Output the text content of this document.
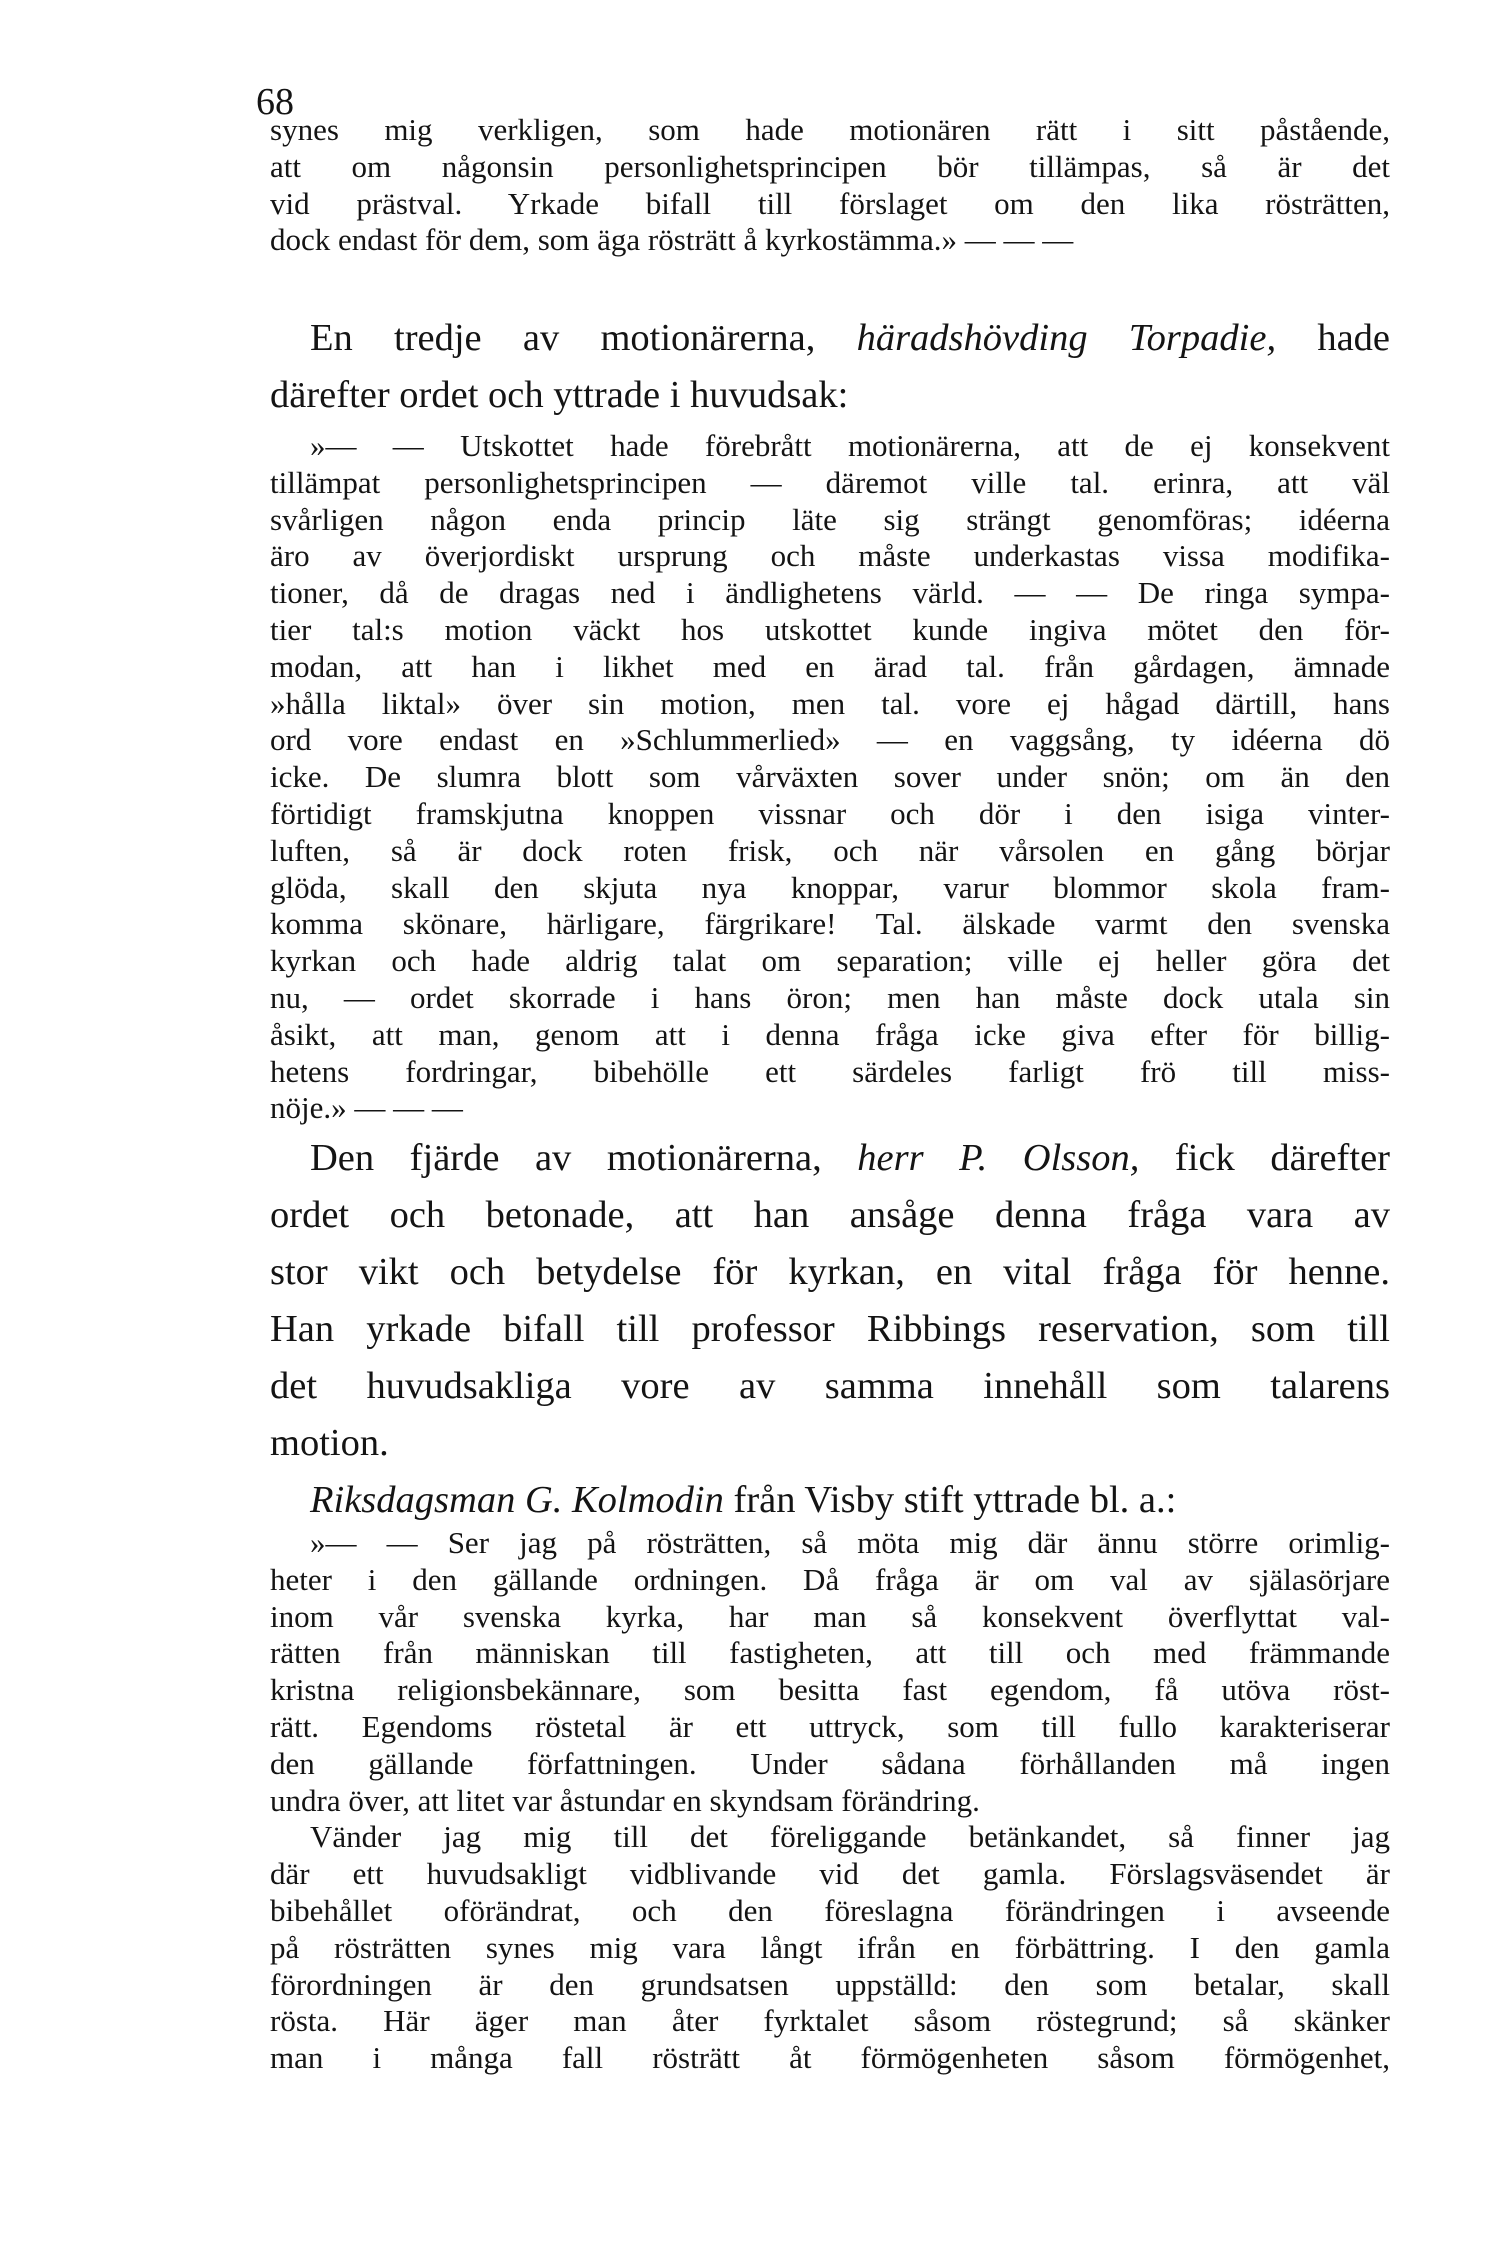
68
synes mig verkligen, som hade motionären rätt i sitt påstående,
att om någonsin personlighetsprincipen bör tillämpas, så är det
vid prästval. Yrkade bifall till förslaget om den lika rösträtten,
dock endast för dem, som äga rösträtt å kyrkostämma.» — — —
En tredje av motionärerna, häradshövding Torpadie, hade
därefter ordet och yttrade i huvudsak:
»— — Utskottet hade förebrått motionärerna, att de ej konsekvent
tillämpat personlighetsprincipen — däremot ville tal. erinra, att väl
svårligen någon enda princip läte sig strängt genomföras; idéerna
äro av överjordiskt ursprung och måste underkastas vissa modifika-
tioner, då de dragas ned i ändlighetens värld. — — De ringa sympa-
tier tal:s motion väckt hos utskottet kunde ingiva mötet den för-
modan, att han i likhet med en ärad tal. från gårdagen, ämnade
»hålla liktal» över sin motion, men tal. vore ej hågad därtill, hans
ord vore endast en »Schlummerlied» — en vaggsång, ty idéerna dö
icke. De slumra blott som vårväxten sover under snön; om än den
förtidigt framskjutna knoppen vissnar och dör i den isiga vinter-
luften, så är dock roten frisk, och när vårsolen en gång börjar
glöda, skall den skjuta nya knoppar, varur blommor skola fram-
komma skönare, härligare, färgrikare! Tal. älskade varmt den svenska
kyrkan och hade aldrig talat om separation; ville ej heller göra det
nu, — ordet skorrade i hans öron; men han måste dock utala sin
åsikt, att man, genom att i denna fråga icke giva efter för billig-
hetens fordringar, bibehölle ett särdeles farligt frö till miss-
nöje.» — — —
Den fjärde av motionärerna, herr P. Olsson, fick därefter
ordet och betonade, att han ansåge denna fråga vara av
stor vikt och betydelse för kyrkan, en vital fråga för henne.
Han yrkade bifall till professor Ribbings reservation, som till
det huvudsakliga vore av samma innehåll som talarens
motion.
Riksdagsman G. Kolmodin från Visby stift yttrade bl. a.:
»— — Ser jag på rösträtten, så möta mig där ännu större orimlig-
heter i den gällande ordningen. Då fråga är om val av själasörjare
inom vår svenska kyrka, har man så konsekvent överflyttat val-
rätten från människan till fastigheten, att till och med främmande
kristna religionsbekännare, som besitta fast egendom, få utöva röst-
rätt. Egendoms röstetal är ett uttryck, som till fullo karakteriserar
den gällande författningen. Under sådana förhållanden må ingen
undra över, att litet var åstundar en skyndsam förändring.
Vänder jag mig till det föreliggande betänkandet, så finner jag
där ett huvudsakligt vidblivande vid det gamla. Förslagsväsendet är
bibehållet oförändrat, och den föreslagna förändringen i avseende
på rösträtten synes mig vara långt ifrån en förbättring. I den gamla
förordningen är den grundsatsen uppställd: den som betalar, skall
rösta. Här äger man åter fyrktalet såsom röstegrund; så skänker
man i många fall rösträtt åt förmögenheten såsom förmögenhet,
